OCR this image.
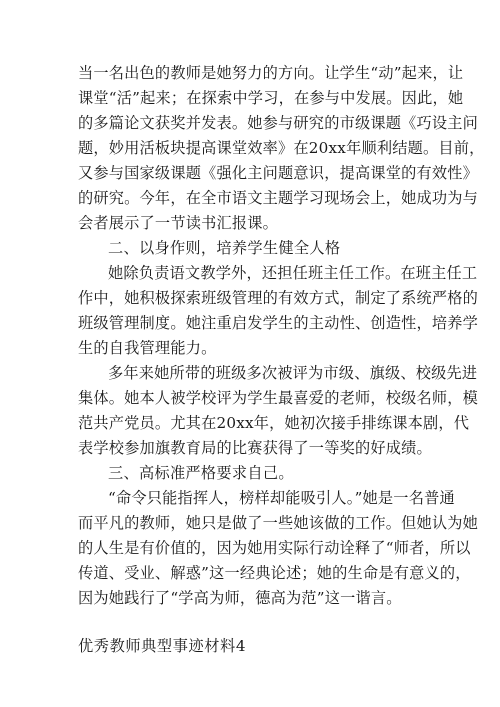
当一名出色的教师是她努力的方向。让学生“动”起来，让
课堂“活”起来；在探索中学习，在参与中发展。因此，她
的多篇论文获奖并发表。她参与研究的市级课题《巧设主问
题，妙用活板块提高课堂效率》在20xx年顺利结题。目前，
又参与国家级课题《强化主问题意识，提高课堂的有效性》
的研究。今年，在全市语文主题学习现场会上，她成功为与
会者展示了一节读书汇报课。
二、以身作则，培养学生健全人格
她除负责语文教学外，还担任班主任工作。在班主任工
作中，她积极探索班级管理的有效方式，制定了系统严格的
班级管理制度。她注重启发学生的主动性、创造性，培养学
生的自我管理能力。
多年来她所带的班级多次被评为市级、旗级、校级先进
集体。她本人被学校评为学生最喜爱的老师，校级名师，模
范共产党员。尤其在20xx年，她初次接手排练课本剧，代
表学校参加旗教育局的比赛获得了一等奖的好成绩。
三、高标准严格要求自己。
“命令只能指挥人，榜样却能吸引人。”她是一名普通
而平凡的教师，她只是做了一些她该做的工作。但她认为她
的人生是有价值的，因为她用实际行动诠释了“师者，所以
传道、受业、解惑”这一经典论述；她的生命是有意义的，
因为她践行了“学高为师，德高为范”这一谐言。
优秀教师典型事迹材料4
